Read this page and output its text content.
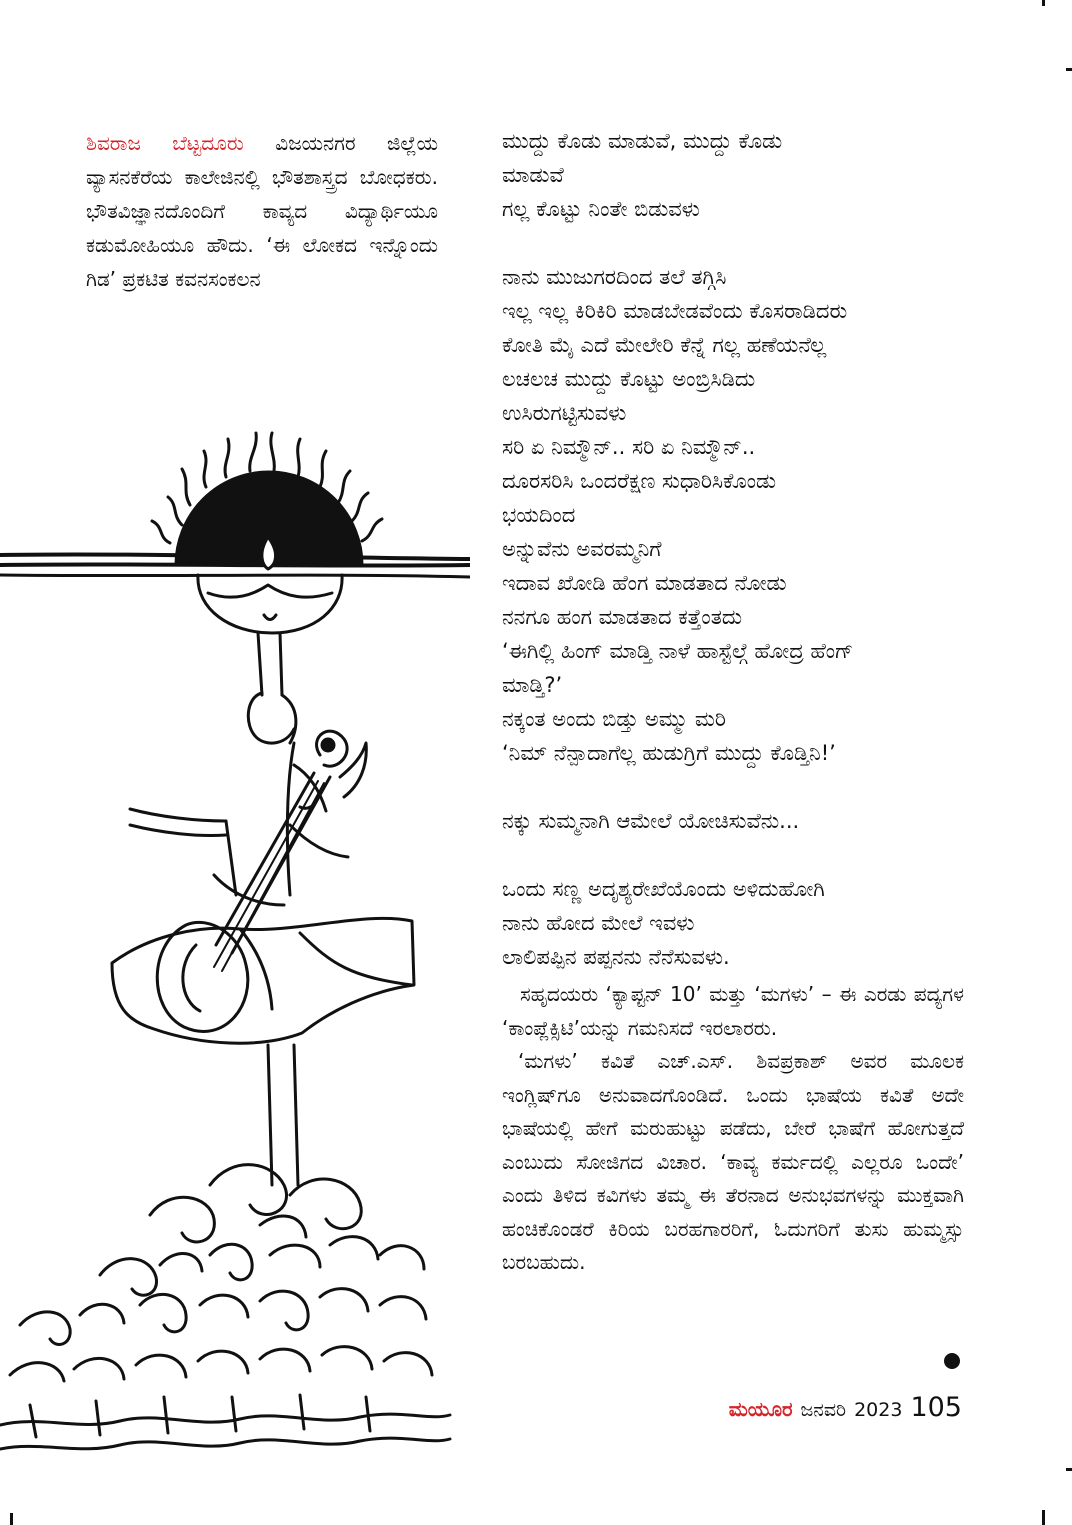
ಶಿವರಾಜ ಬೆಟ್ಟದೂರು ವಿಜಯನಗರ ಜಿಲ್ಲೆಯ ವ್ಯಾಸನಕೆರೆಯ ಕಾಲೇಜಿನಲ್ಲಿ ಭೌತಶಾಸ್ತ್ರದ ಬೋಧಕರು. ಭೌತವಿಜ್ಞಾನದೊಂದಿಗೆ ಕಾವ್ಯದ ವಿದ್ಯಾರ್ಥಿಯೂ ಕಡುಮೋಹಿಯೂ ಹೌದು. ‘ಈ ಲೋಕದ ಇನ್ನೊಂದು ಗಿಡ’ ಪ್ರಕಟಿತ ಕವನಸಂಕಲನ
ಮುದ್ದು ಕೊಡು ಮಾಡುವೆ, ಮುದ್ದು ಕೊಡು
ಮಾಡುವೆ
ಗಲ್ಲ ಕೊಟ್ಟು ನಿಂತೇ ಬಿಡುವಳು
ನಾನು ಮುಜುಗರದಿಂದ ತಲೆ ತಗ್ಗಿಸಿ
ಇಲ್ಲ ಇಲ್ಲ ಕಿರಿಕಿರಿ ಮಾಡಬೇಡವೆಂದು ಕೊಸರಾಡಿದರು
ಕೋತಿ ಮೈ ಎದೆ ಮೇಲೇರಿ ಕೆನ್ನೆ ಗಲ್ಲ ಹಣೆಯನೆಲ್ಲ
ಲಚಲಚ ಮುದ್ದು ಕೊಟ್ಟು ಅಂಬ್ರಿಸಿಡಿದು
ಉಸಿರುಗಟ್ಟಿಸುವಳು
ಸರಿ ಏ ನಿಮ್ಮೌನ್‌.. ಸರಿ ಏ ನಿಮ್ಮೌನ್‌..
ದೂರಸರಿಸಿ ಒಂದರೆಕ್ಷಣ ಸುಧಾರಿಸಿಕೊಂಡು
ಭಯದಿಂದ
ಅನ್ನುವೆನು ಅವರಮ್ಮನಿಗೆ
ಇದಾವ ಖೋಡಿ ಹೆಂಗ ಮಾಡತಾದ ನೋಡು
ನನಗೂ ಹಂಗ ಮಾಡತಾದ ಕತ್ತೆಂತದು
‘ಈಗಿಲ್ಲಿ ಹಿಂಗ್ ಮಾಡ್ತಿ ನಾಳೆ ಹಾಸ್ಟೆಲ್ಗೆ ಹೋದ್ರ ಹೆಂಗ್
ಮಾಡ್ತಿ?’
ನಕ್ಕಂತ ಅಂದು ಬಿಡ್ತು ಅಮ್ಮು ಮರಿ
‘ನಿಮ್ ನೆನ್ಪಾದಾಗೆಲ್ಲ ಹುಡುಗ್ರಿಗೆ ಮುದ್ದು ಕೊಡ್ತಿನಿ!’
ನಕ್ಕು ಸುಮ್ಮನಾಗಿ ಆಮೇಲೆ ಯೋಚಿಸುವೆನು...
ಒಂದು ಸಣ್ಣ ಅದೃಶ್ಯರೇಖೆಯೊಂದು ಅಳಿದುಹೋಗಿ
ನಾನು ಹೋದ ಮೇಲೆ ಇವಳು
ಲಾಲಿಪಪ್ಪಿನ ಪಪ್ಪನನು ನೆನೆಸುವಳು.

ಸಹೃದಯರು ‘ಕ್ಯಾಪ್ಟನ್ 10’ ಮತ್ತು ‘ಮಗಳು’ – ಈ ಎರಡು ಪದ್ಯಗಳ ‘ಕಾಂಪ್ಲೆಕ್ಸಿಟಿ’ಯನ್ನು ಗಮನಿಸದೆ ಇರಲಾರರು.

‘ಮಗಳು’ ಕವಿತೆ ಎಚ್.ಎಸ್. ಶಿವಪ್ರಕಾಶ್ ಅವರ ಮೂಲಕ ಇಂಗ್ಲಿಷ್‌ಗೂ ಅನುವಾದಗೊಂಡಿದೆ. ಒಂದು ಭಾಷೆಯ ಕವಿತೆ ಅದೇ ಭಾಷೆಯಲ್ಲಿ ಹೇಗೆ ಮರುಹುಟ್ಟು ಪಡೆದು, ಬೇರೆ ಭಾಷೆಗೆ ಹೋಗುತ್ತದೆ ಎಂಬುದು ಸೋಜಿಗದ ವಿಚಾರ. ‘ಕಾವ್ಯ ಕರ್ಮದಲ್ಲಿ ಎಲ್ಲರೂ ಒಂದೇ’ ಎಂದು ತಿಳಿದ ಕವಿಗಳು ತಮ್ಮ ಈ ತೆರನಾದ ಅನುಭವಗಳನ್ನು ಮುಕ್ತವಾಗಿ ಹಂಚಿಕೊಂಡರೆ ಕಿರಿಯ ಬರಹಗಾರರಿಗೆ, ಓದುಗರಿಗೆ ತುಸು ಹುಮ್ಮಸ್ಸು ಬರಬಹುದು.

ಮಯೂರ ಜನವರಿ 2023 105
